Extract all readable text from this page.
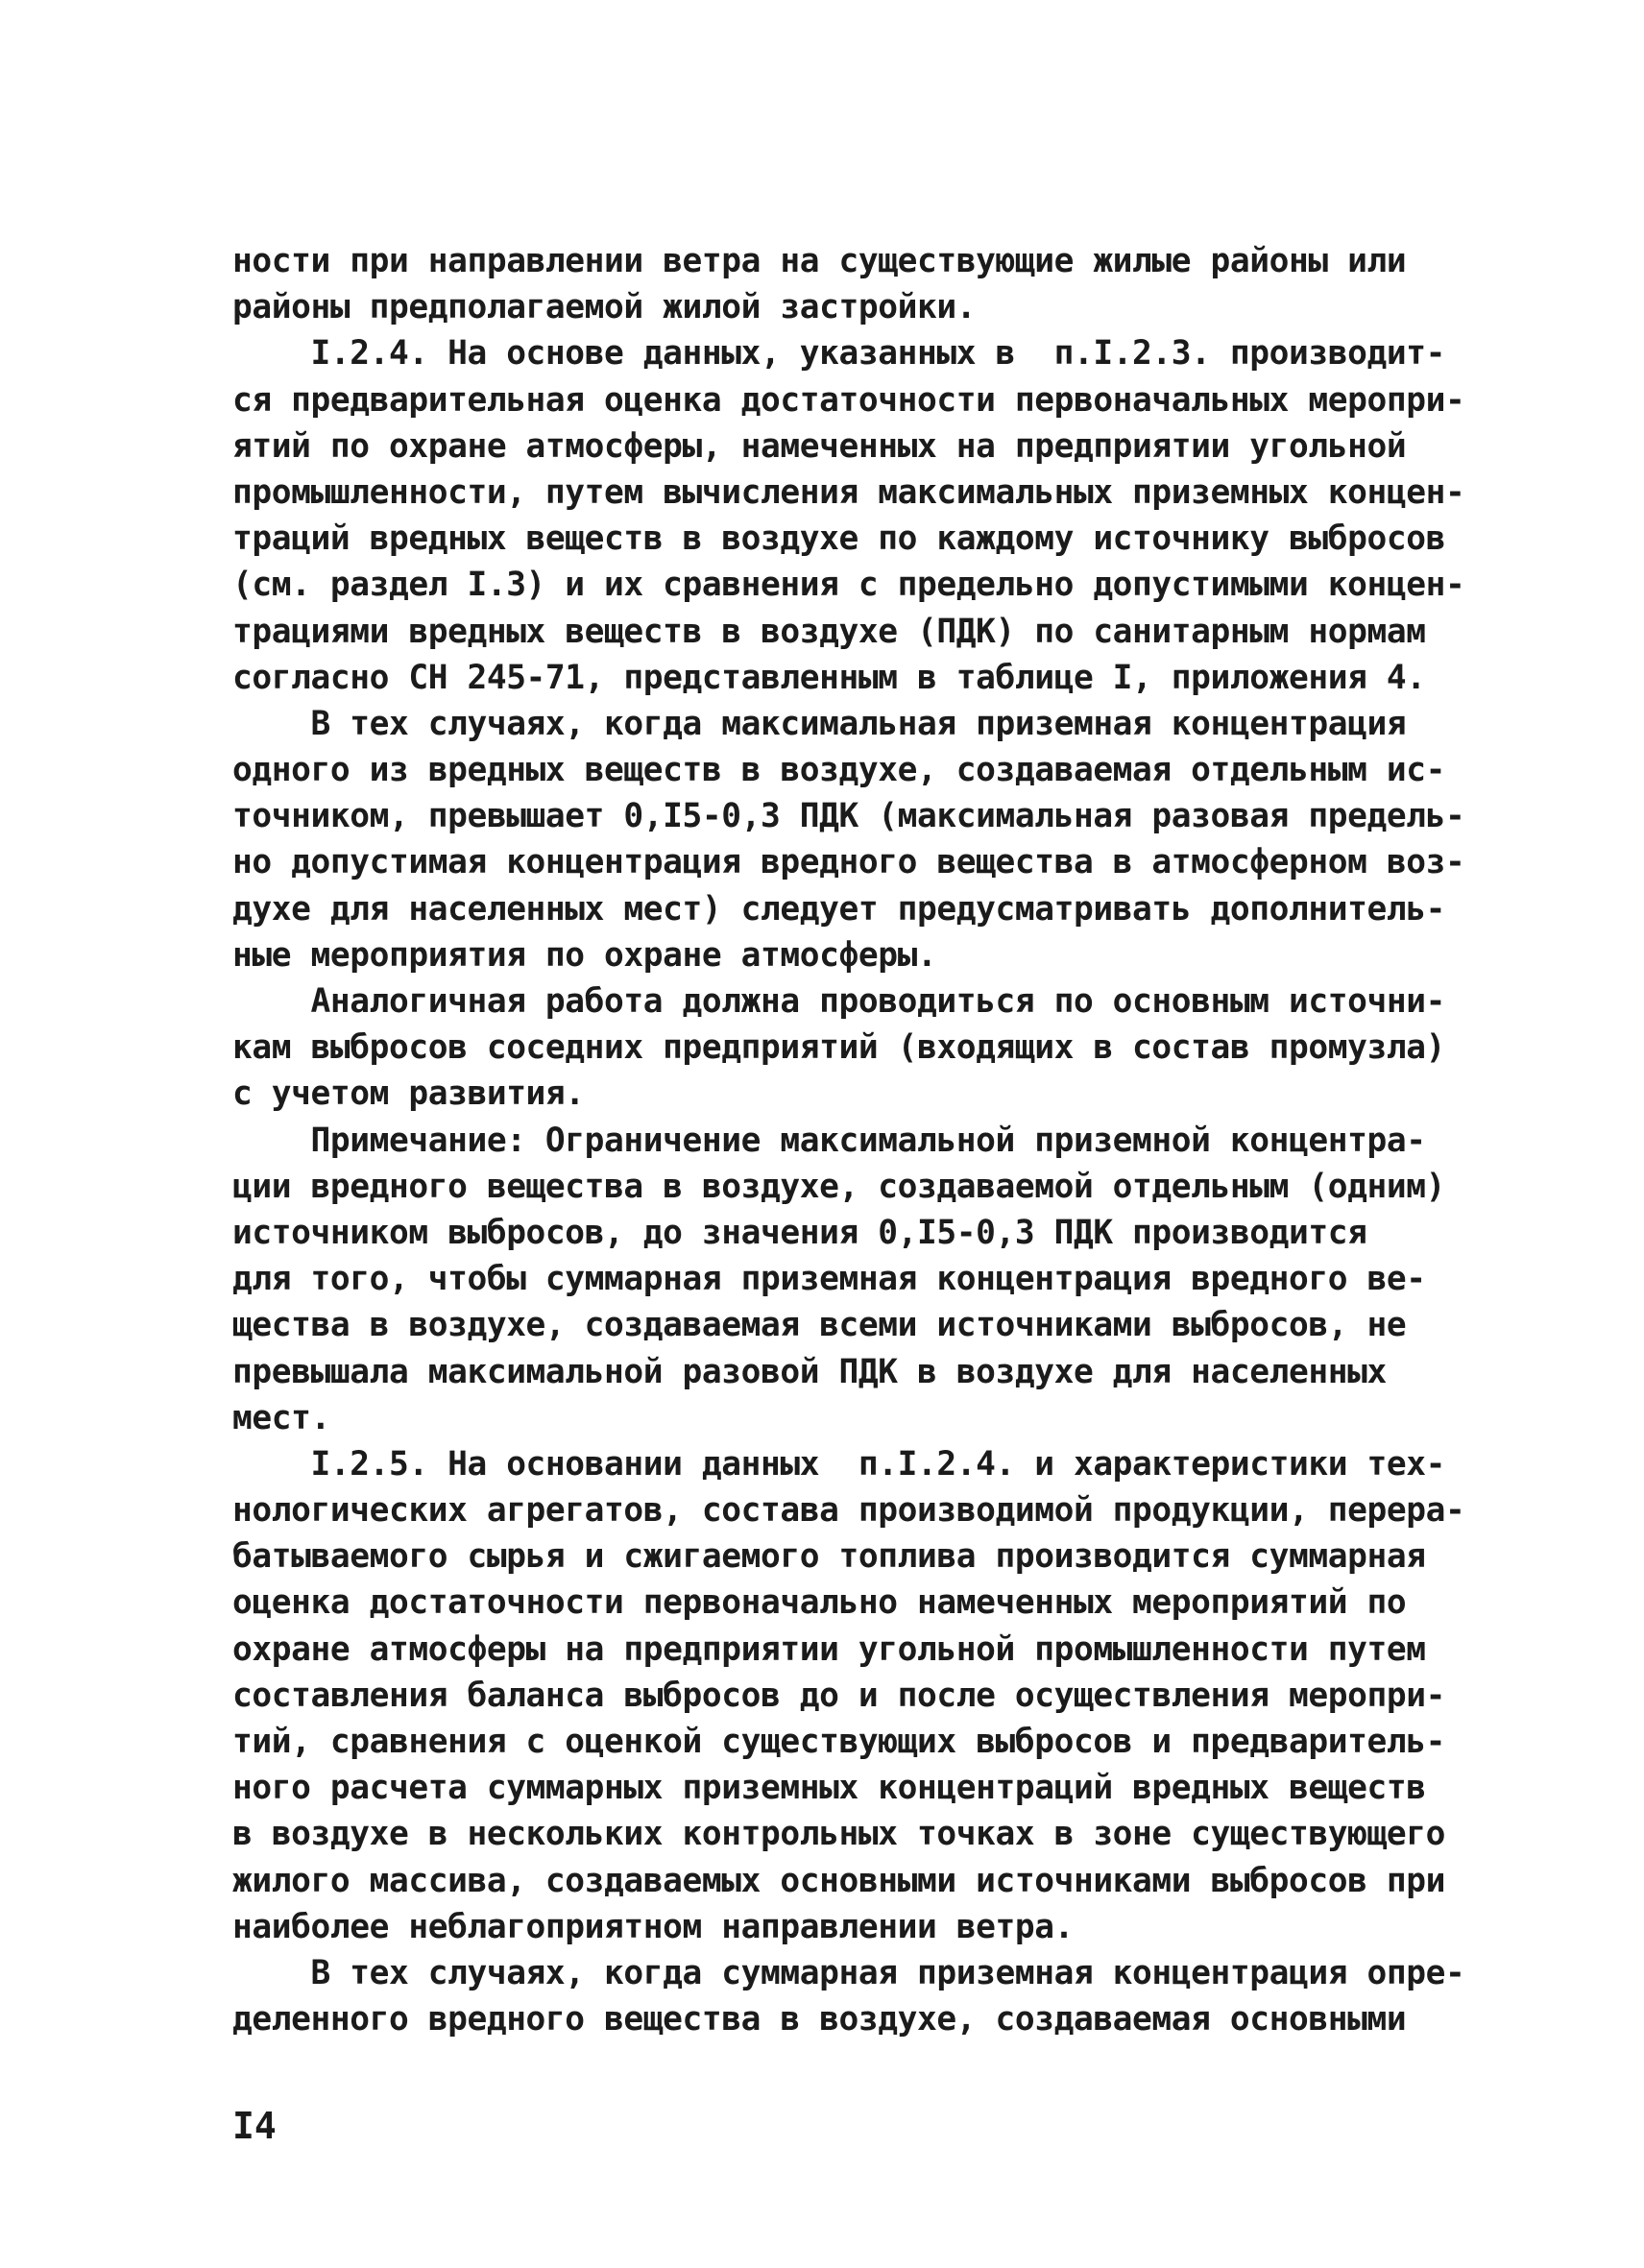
ности при направлении ветра на существующие жилые районы или
районы предполагаемой жилой застройки.
I.2.4. На основе данных, указанных в  п.I.2.3. производит-
ся предварительная оценка достаточности первоначальных меропри-
ятий по охране атмосферы, намеченных на предприятии угольной
промышленности, путем вычисления максимальных приземных концен-
траций вредных веществ в воздухе по каждому источнику выбросов
(см. раздел I.3) и их сравнения с предельно допустимыми концен-
трациями вредных веществ в воздухе (ПДК) по санитарным нормам
согласно СН 245-71, представленным в таблице I, приложения 4.
В тех случаях, когда максимальная приземная концентрация
одного из вредных веществ в воздухе, создаваемая отдельным ис-
точником, превышает 0,I5-0,3 ПДК (максимальная разовая предель-
но допустимая концентрация вредного вещества в атмосферном воз-
духе для населенных мест) следует предусматривать дополнитель-
ные мероприятия по охране атмосферы.
Аналогичная работа должна проводиться по основным источни-
кам выбросов соседних предприятий (входящих в состав промузла)
с учетом развития.
Примечание: Ограничение максимальной приземной концентра-
ции вредного вещества в воздухе, создаваемой отдельным (одним)
источником выбросов, до значения 0,I5-0,3 ПДК производится
для того, чтобы суммарная приземная концентрация вредного ве-
щества в воздухе, создаваемая всеми источниками выбросов, не
превышала максимальной разовой ПДК в воздухе для населенных
мест.
I.2.5. На основании данных  п.I.2.4. и характеристики тех-
нологических агрегатов, состава производимой продукции, перера-
батываемого сырья и сжигаемого топлива производится суммарная
оценка достаточности первоначально намеченных мероприятий по
охране атмосферы на предприятии угольной промышленности путем
составления баланса выбросов до и после осуществления меропри-
тий, сравнения с оценкой существующих выбросов и предваритель-
ного расчета суммарных приземных концентраций вредных веществ
в воздухе в нескольких контрольных точках в зоне существующего
жилого массива, создаваемых основными источниками выбросов при
наиболее неблагоприятном направлении ветра.
В тех случаях, когда суммарная приземная концентрация опре-
деленного вредного вещества в воздухе, создаваемая основными
I4
